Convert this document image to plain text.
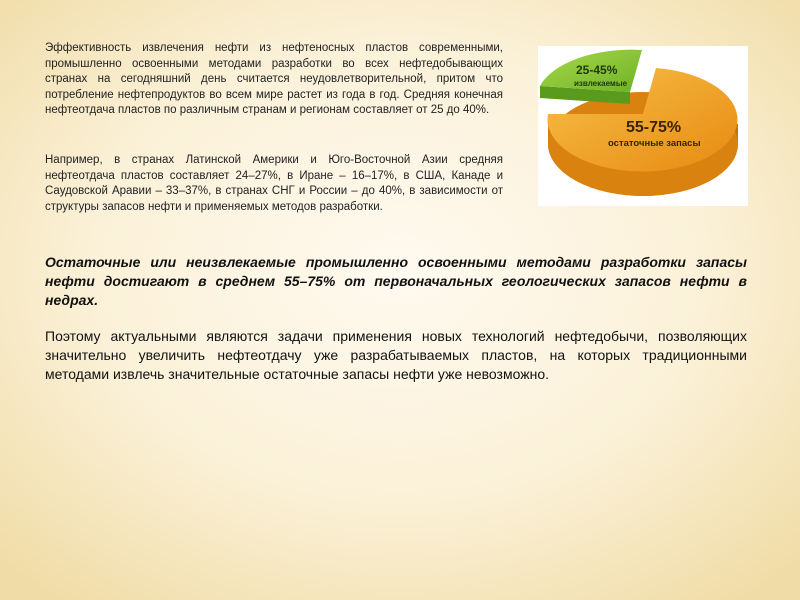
Эффективность извлечения нефти из нефтеносных пластов современными, промышленно освоенными методами разработки во всех нефтедобывающих странах на сегодняшний день считается неудовлетворительной, притом что потребление нефтепродуктов во всем мире растет из года в год. Средняя конечная нефтеотдача пластов по различным странам и регионам составляет от 25 до 40%.

Например, в странах Латинской Америки и Юго-Восточной Азии средняя нефтеотдача пластов составляет 24–27%, в Иране – 16–17%, в США, Канаде и Саудовской Аравии – 33–37%, в странах СНГ и России – до 40%, в зависимости от структуры запасов нефти и применяемых методов разработки.

25-45%
извлекаемые
55-75%
остаточные запасы

Остаточные или неизвлекаемые промышленно освоенными методами разработки запасы нефти достигают в среднем 55–75% от первоначальных геологических запасов нефти в недрах.

Поэтому актуальными являются задачи применения новых технологий нефтедобычи, позволяющих значительно увеличить нефтеотдачу уже разрабатываемых пластов, на которых традиционными методами извлечь значительные остаточные запасы нефти уже невозможно.
